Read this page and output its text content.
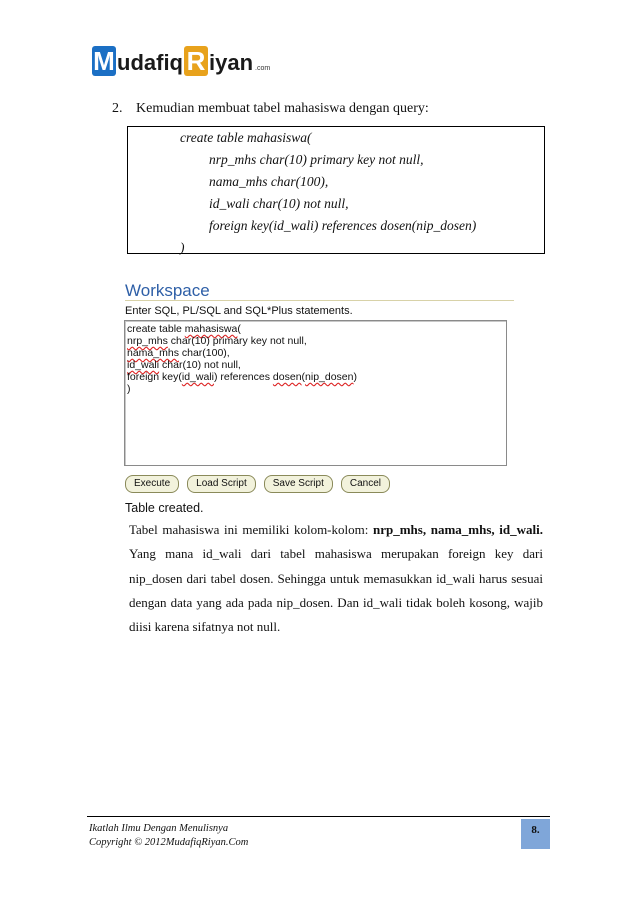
M udafiq R iyan .com
2. Kemudian membuat tabel mahasiswa dengan query:
create table mahasiswa(
nrp_mhs char(10) primary key not null,
nama_mhs char(100),
id_wali char(10) not null,
foreign key(id_wali) references dosen(nip_dosen)
)
Workspace
Enter SQL, PL/SQL and SQL*Plus statements.
create table mahasiswa(
nrp_mhs char(10) primary key not null,
nama_mhs char(100),
id_wali char(10) not null,
foreign key(id_wali) references dosen(nip_dosen)
)
Execute	Load Script	Save Script	Cancel
Table created.
Tabel mahasiswa ini memiliki kolom-kolom: nrp_mhs, nama_mhs, id_wali. Yang mana id_wali dari tabel mahasiswa merupakan foreign key dari nip_dosen dari tabel dosen. Sehingga untuk memasukkan id_wali harus sesuai dengan data yang ada pada nip_dosen. Dan id_wali tidak boleh kosong, wajib diisi karena sifatnya not null.
Ikatlah Ilmu Dengan Menulisnya
Copyright © 2012MudafiqRiyan.Com
8.
